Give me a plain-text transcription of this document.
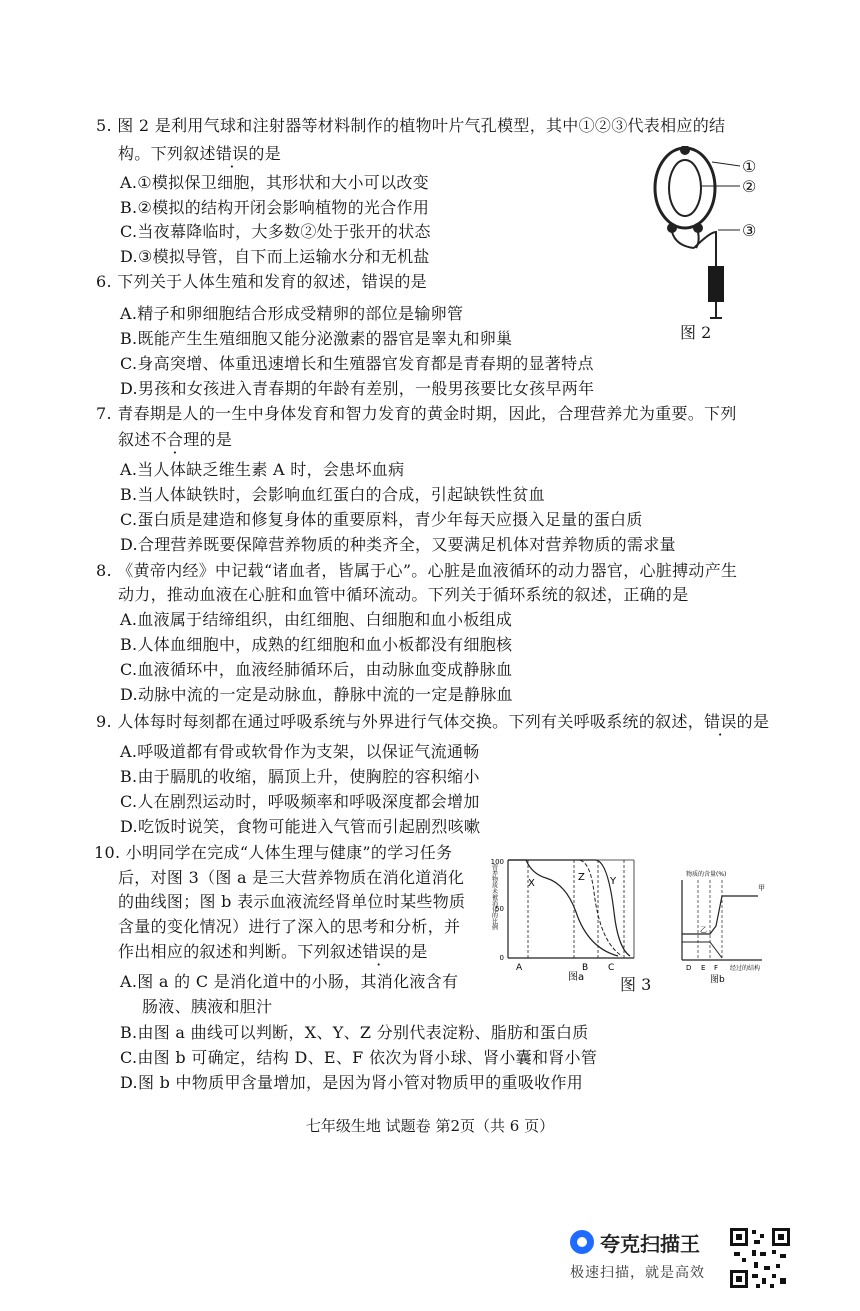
5. 图 2 是利用气球和注射器等材料制作的植物叶片气孔模型，其中①②③代表相应的结
构。下列叙述错误的是
A.①模拟保卫细胞，其形状和大小可以改变
B.②模拟的结构开闭会影响植物的光合作用
C.当夜幕降临时，大多数②处于张开的状态
D.③模拟导管，自下而上运输水分和无机盐
①
②
③
图 2
6. 下列关于人体生殖和发育的叙述，错误的是
A.精子和卵细胞结合形成受精卵的部位是输卵管
B.既能产生生殖细胞又能分泌激素的器官是睾丸和卵巢
C.身高突增、体重迅速增长和生殖器官发育都是青春期的显著特点
D.男孩和女孩进入青春期的年龄有差别，一般男孩要比女孩早两年
7. 青春期是人的一生中身体发育和智力发育的黄金时期，因此，合理营养尤为重要。下列
叙述不合理的是
A.当人体缺乏维生素 A 时，会患坏血病
B.当人体缺铁时，会影响血红蛋白的合成，引起缺铁性贫血
C.蛋白质是建造和修复身体的重要原料，青少年每天应摄入足量的蛋白质
D.合理营养既要保障营养物质的种类齐全，又要满足机体对营养物质的需求量
8. 《黄帝内经》中记载“诸血者，皆属于心”。心脏是血液循环的动力器官，心脏搏动产生
动力，推动血液在心脏和血管中循环流动。下列关于循环系统的叙述，正确的是
A.血液属于结缔组织，由红细胞、白细胞和血小板组成
B.人体血细胞中，成熟的红细胞和血小板都没有细胞核
C.血液循环中，血液经肺循环后，由动脉血变成静脉血
D.动脉中流的一定是动脉血，静脉中流的一定是静脉血
9. 人体每时每刻都在通过呼吸系统与外界进行气体交换。下列有关呼吸系统的叙述，错误的是
A.呼吸道都有骨或软骨作为支架，以保证气流通畅
B.由于膈肌的收缩，膈顶上升，使胸腔的容积缩小
C.人在剧烈运动时，呼吸频率和呼吸深度都会增加
D.吃饭时说笑，食物可能进入气管而引起剧烈咳嗽
10. 小明同学在完成“人体生理与健康”的学习任务
后，对图 3（图 a 是三大营养物质在消化道消化
的曲线图；图 b 表示血液流经肾单位时某些物质
含量的变化情况）进行了深入的思考和分析，并
作出相应的叙述和判断。下列叙述错误的是
A.图 a 的 C 是消化道中的小肠，其消化液含有
肠液、胰液和胆汁
B.由图 a 曲线可以判断，X、Y、Z 分别代表淀粉、脂肪和蛋白质
C.由图 b 可确定，结构 D、E、F 依次为肾小球、肾小囊和肾小管
D.图 b 中物质甲含量增加，是因为肾小管对物质甲的重吸收作用
100
50
0
营养物质未被消化的比例	X
Z	Y
A	B C
图a 图 3
物质的含量(%)
甲
乙
D E F 经过的结构
图b
七年级生地 试题卷 第2页（共 6 页）
夸克扫描王
极速扫描，就是高效
